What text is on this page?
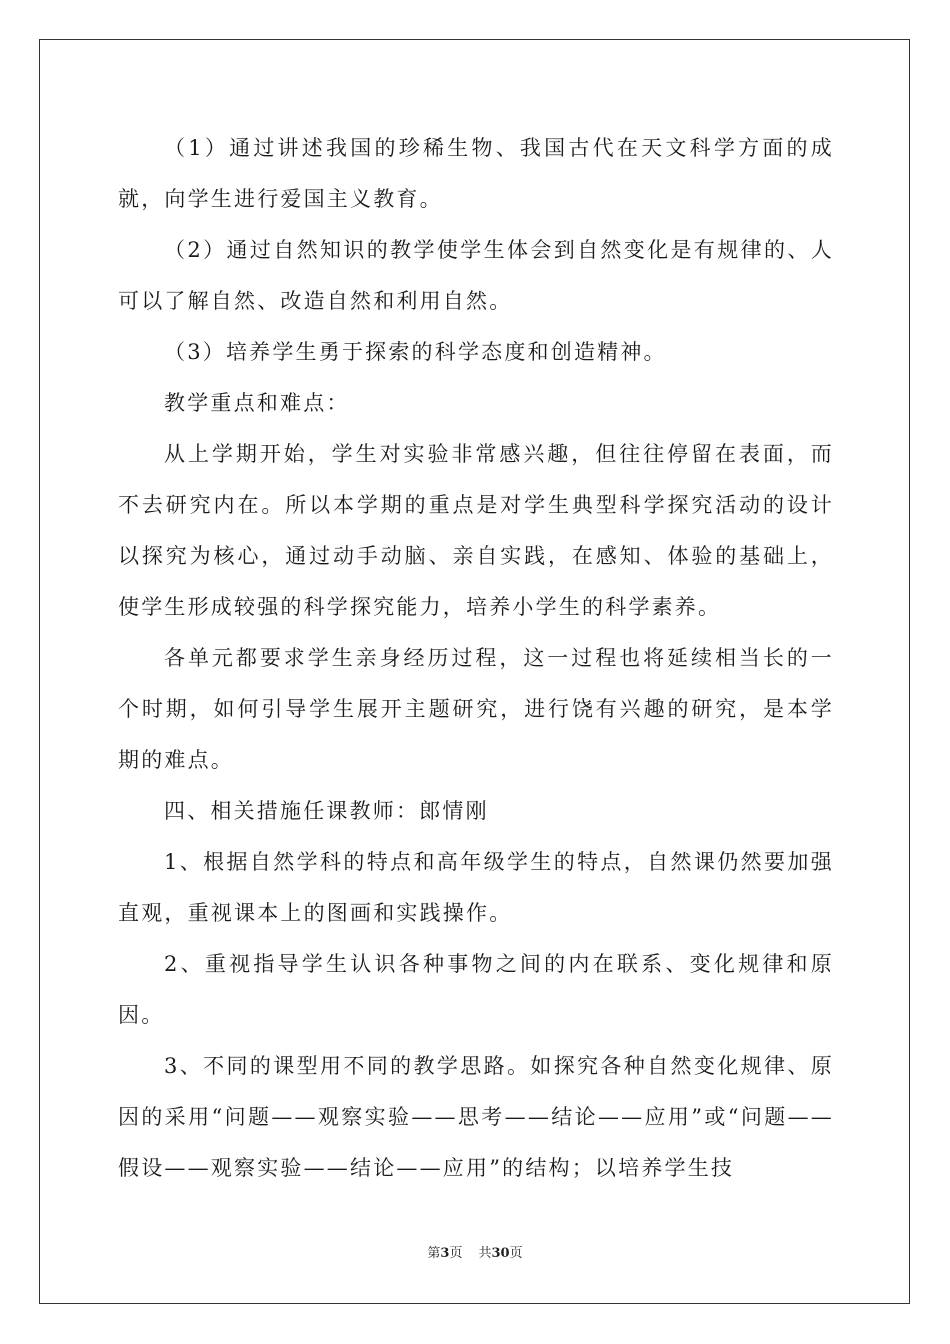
（1）通过讲述我国的珍稀生物、我国古代在天文科学方面的成就，向学生进行爱国主义教育。

（2）通过自然知识的教学使学生体会到自然变化是有规律的、人可以了解自然、改造自然和利用自然。

（3）培养学生勇于探索的科学态度和创造精神。

教学重点和难点：

从上学期开始，学生对实验非常感兴趣，但往往停留在表面，而不去研究内在。所以本学期的重点是对学生典型科学探究活动的设计以探究为核心，通过动手动脑、亲自实践，在感知、体验的基础上，使学生形成较强的科学探究能力，培养小学生的科学素养。

各单元都要求学生亲身经历过程，这一过程也将延续相当长的一个时期，如何引导学生展开主题研究，进行饶有兴趣的研究，是本学期的难点。

四、相关措施任课教师：郎情刚

1、根据自然学科的特点和高年级学生的特点，自然课仍然要加强直观，重视课本上的图画和实践操作。

2、重视指导学生认识各种事物之间的内在联系、变化规律和原因。

3、不同的课型用不同的教学思路。如探究各种自然变化规律、原因的采用“问题——观察实验——思考——结论——应用”或“问题——假设——观察实验——结论——应用”的结构；以培养学生技

第3页 共30页
